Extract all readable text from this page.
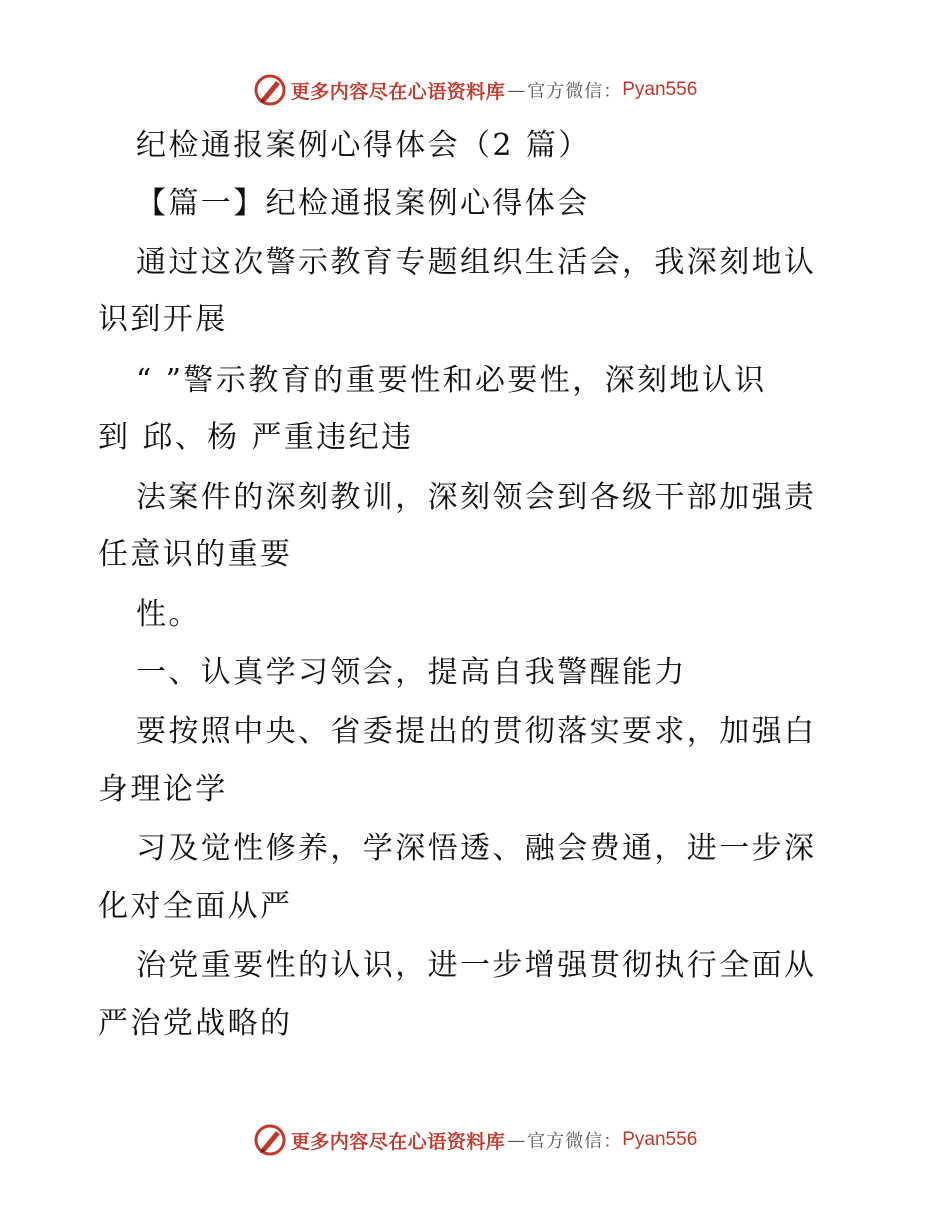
更多内容尽在心语资料库 — 官方微信： Pyan556
纪检通报案例心得体会（2 篇）
【篇一】纪检通报案例心得体会
通过这次警示教育专题组织生活会，我深刻地认
识到开展
“ ”警示教育的重要性和必要性，深刻地认识
到 邱、杨 严重违纪违
法案件的深刻教训，深刻领会到各级干部加强责
任意识的重要
性。
一、认真学习领会，提高自我警醒能力
要按照中央、省委提出的贯彻落实要求，加强白
身理论学
习及觉性修养，学深悟透、融会费通，进一步深
化对全面从严
治党重要性的认识，进一步增强贯彻执行全面从
严治党战略的
更多内容尽在心语资料库 — 官方微信： Pyan556
